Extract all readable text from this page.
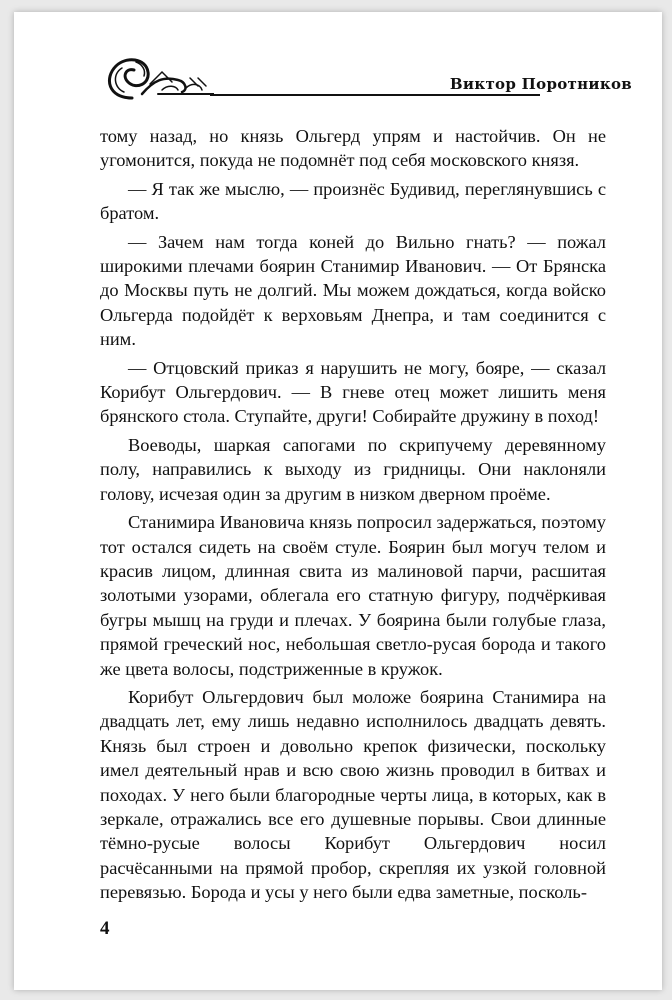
Виктор Поротников

тому назад, но князь Ольгерд упрям и настойчив. Он не угомонится, покуда не подомнёт под себя московского князя.

— Я так же мыслю, — произнёс Будивид, переглянувшись с братом.

— Зачем нам тогда коней до Вильно гнать? — пожал широкими плечами боярин Станимир Иванович. — От Брянска до Москвы путь не долгий. Мы можем дождаться, когда войско Ольгерда подойдёт к верховьям Днепра, и там соединится с ним.

— Отцовский приказ я нарушить не могу, бояре, — сказал Корибут Ольгердович. — В гневе отец может лишить меня брянского стола. Ступайте, други! Собирайте дружину в поход!

Воеводы, шаркая сапогами по скрипучему деревянному полу, направились к выходу из гридницы. Они наклоняли голову, исчезая один за другим в низком дверном проёме.

Станимира Ивановича князь попросил задержаться, поэтому тот остался сидеть на своём стуле. Боярин был могуч телом и красив лицом, длинная свита из малиновой парчи, расшитая золотыми узорами, облегала его статную фигуру, подчёркивая бугры мышц на груди и плечах. У боярина были голубые глаза, прямой греческий нос, небольшая светло-русая борода и такого же цвета волосы, подстриженные в кружок.

Корибут Ольгердович был моложе боярина Станимира на двадцать лет, ему лишь недавно исполнилось двадцать девять. Князь был строен и довольно крепок физически, поскольку имел деятельный нрав и всю свою жизнь проводил в битвах и походах. У него были благородные черты лица, в которых, как в зеркале, отражались все его душевные порывы. Свои длинные тёмно-русые волосы Корибут Ольгердович носил расчёсанными на прямой пробор, скрепляя их узкой головной перевязью. Борода и усы у него были едва заметные, посколь-

4
